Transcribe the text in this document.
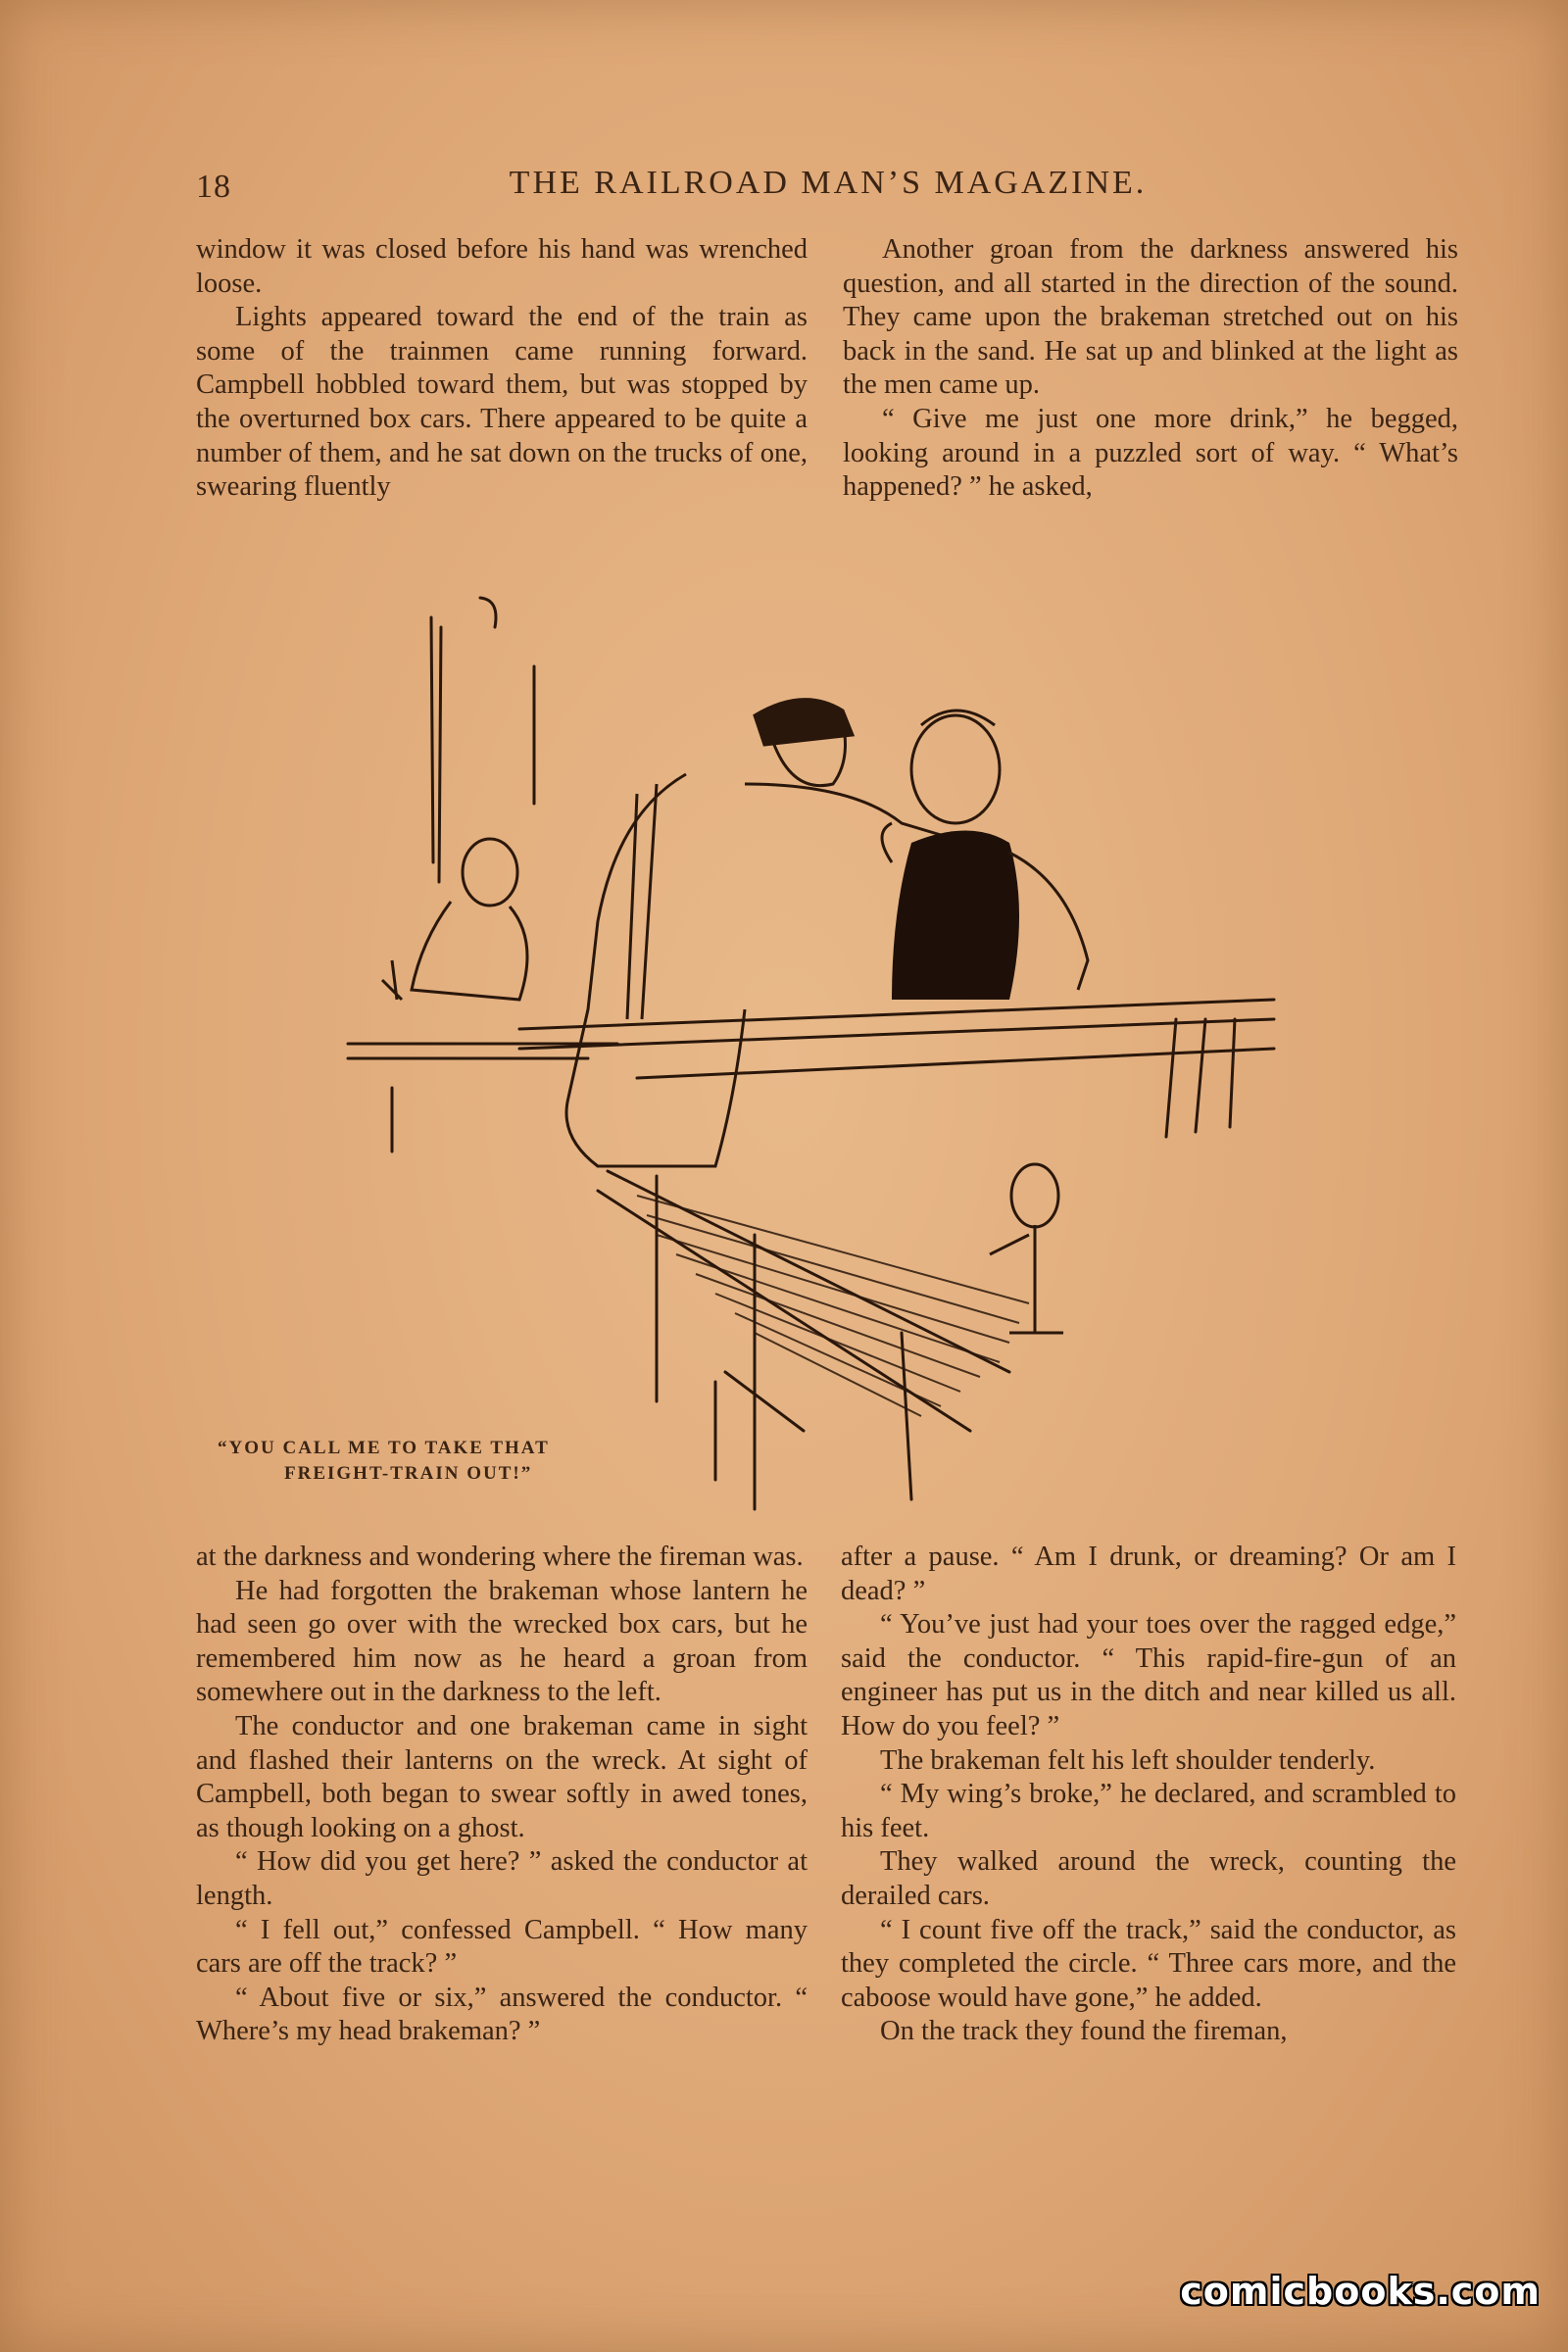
18	THE RAILROAD MAN’S MAGAZINE.

window it was closed before his hand was wrenched loose.

Lights appeared toward the end of the train as some of the trainmen came running forward. Campbell hobbled toward them, but was stopped by the overturned box cars. There appeared to be quite a number of them, and he sat down on the trucks of one, swearing fluently

Another groan from the darkness answered his question, and all started in the direction of the sound. They came upon the brakeman stretched out on his back in the sand. He sat up and blinked at the light as the men came up.

“ Give me just one more drink,” he begged, looking around in a puzzled sort of way. “ What’s happened? ” he asked,

“YOU CALL ME TO TAKE THAT
FREIGHT-TRAIN OUT!”

at the darkness and wondering where the fireman was.

He had forgotten the brakeman whose lantern he had seen go over with the wrecked box cars, but he remembered him now as he heard a groan from somewhere out in the darkness to the left.

The conductor and one brakeman came in sight and flashed their lanterns on the wreck. At sight of Campbell, both began to swear softly in awed tones, as though looking on a ghost.

“ How did you get here? ” asked the conductor at length.

“ I fell out,” confessed Campbell. “ How many cars are off the track? ”

“ About five or six,” answered the conductor. “ Where’s my head brakeman? ”

after a pause. “ Am I drunk, or dreaming? Or am I dead? ”

“ You’ve just had your toes over the ragged edge,” said the conductor. “ This rapid-fire-gun of an engineer has put us in the ditch and near killed us all. How do you feel? ”

The brakeman felt his left shoulder tenderly.

“ My wing’s broke,” he declared, and scrambled to his feet.

They walked around the wreck, counting the derailed cars.

“ I count five off the track,” said the conductor, as they completed the circle. “ Three cars more, and the caboose would have gone,” he added.

On the track they found the fireman,

comicbooks.com
